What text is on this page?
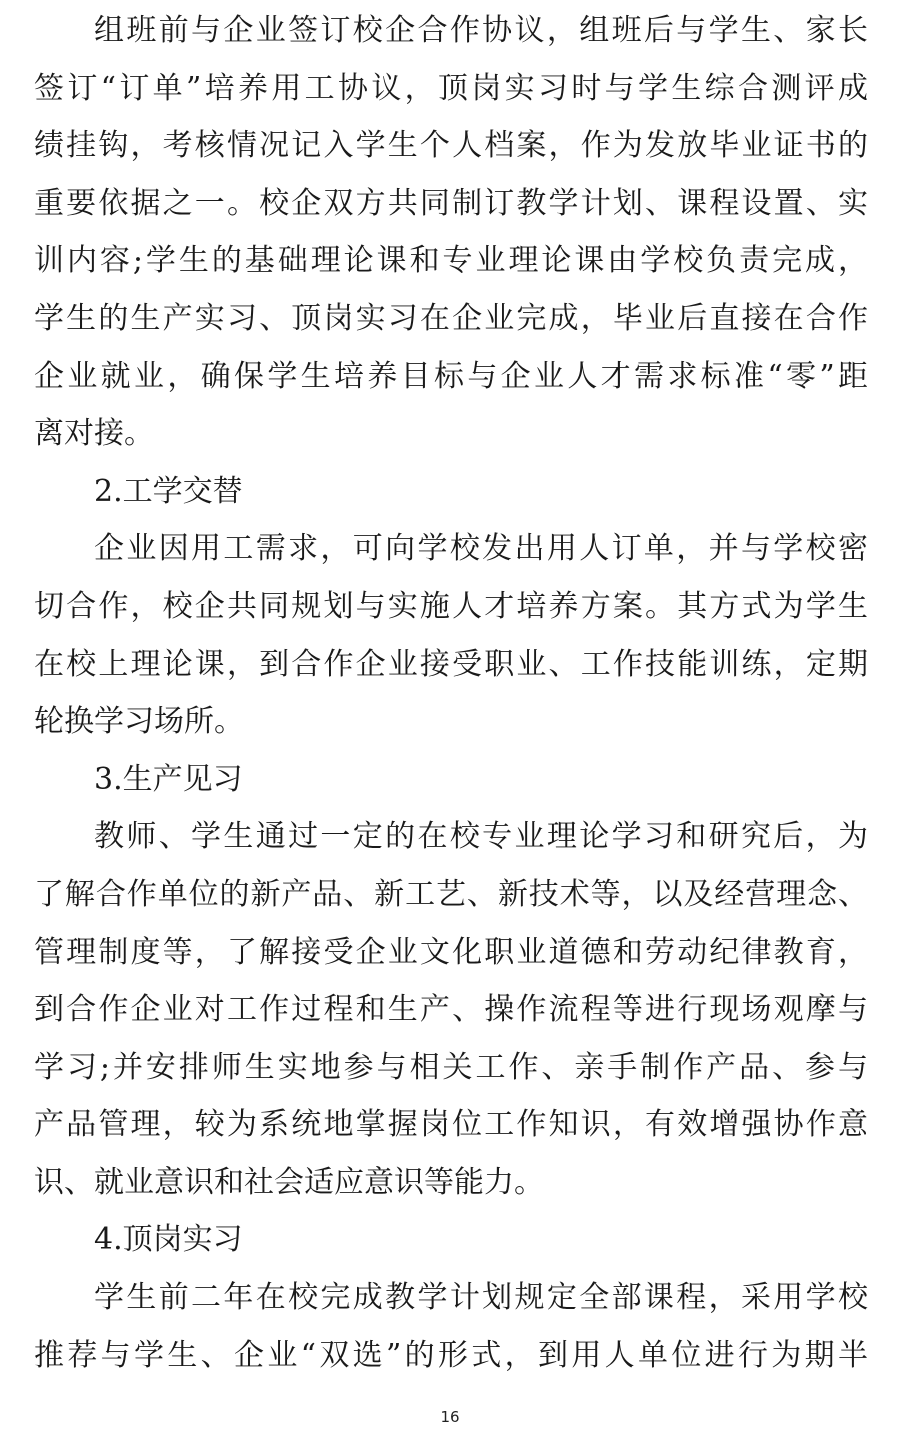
组班前与企业签订校企合作协议，组班后与学生、家长
签订“订单”培养用工协议，顶岗实习时与学生综合测评成
绩挂钩，考核情况记入学生个人档案，作为发放毕业证书的
重要依据之一。校企双方共同制订教学计划、课程设置、实
训内容;学生的基础理论课和专业理论课由学校负责完成，
学生的生产实习、顶岗实习在企业完成，毕业后直接在合作
企业就业，确保学生培养目标与企业人才需求标准“零”距
离对接。
2.工学交替
企业因用工需求，可向学校发出用人订单，并与学校密
切合作，校企共同规划与实施人才培养方案。其方式为学生
在校上理论课，到合作企业接受职业、工作技能训练，定期
轮换学习场所。
3.生产见习
教师、学生通过一定的在校专业理论学习和研究后，为
了解合作单位的新产品、新工艺、新技术等，以及经营理念、
管理制度等，了解接受企业文化职业道德和劳动纪律教育，
到合作企业对工作过程和生产、操作流程等进行现场观摩与
学习;并安排师生实地参与相关工作、亲手制作产品、参与
产品管理，较为系统地掌握岗位工作知识，有效增强协作意
识、就业意识和社会适应意识等能力。
4.顶岗实习
学生前二年在校完成教学计划规定全部课程，采用学校
推荐与学生、企业“双选”的形式，到用人单位进行为期半
16
